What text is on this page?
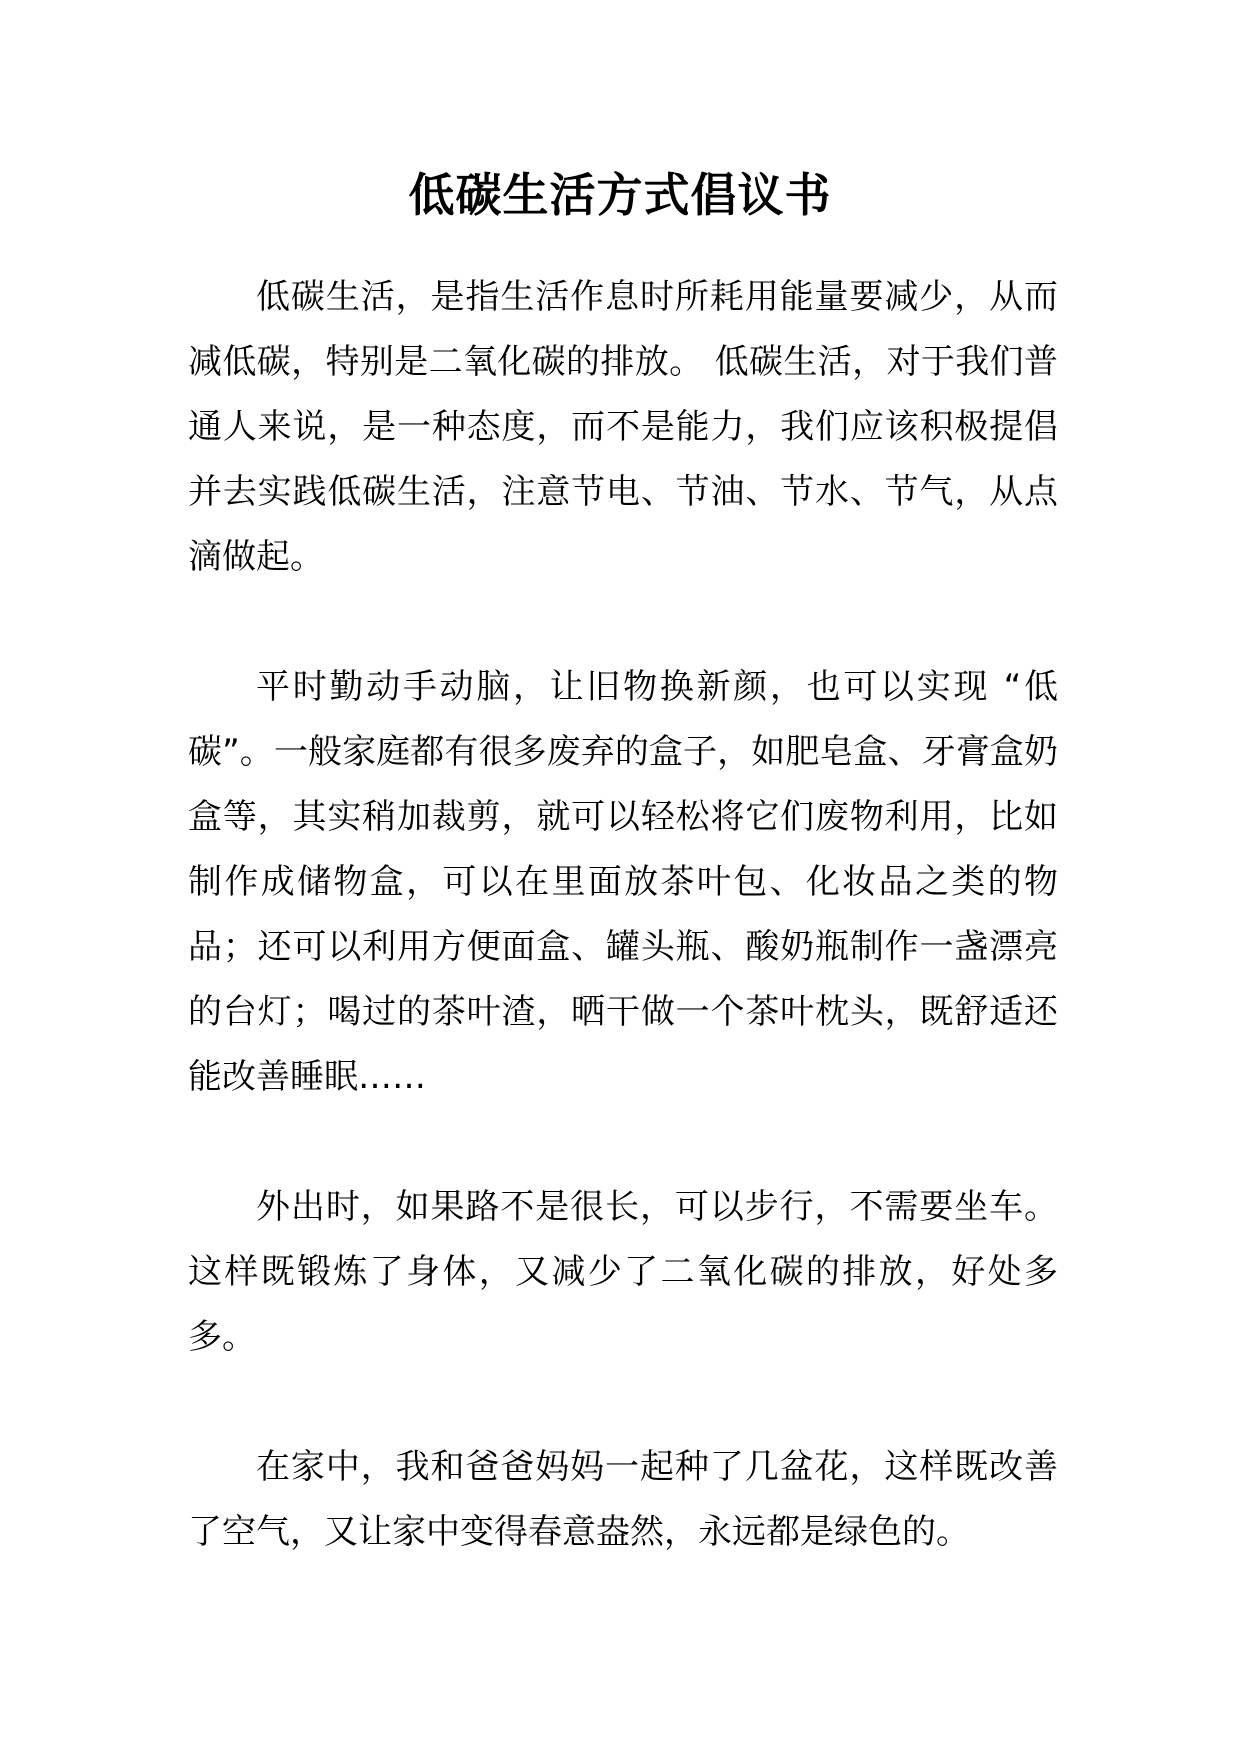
低碳生活方式倡议书

低碳生活，是指生活作息时所耗用能量要减少，从而减低碳，特别是二氧化碳的排放。 低碳生活，对于我们普通人来说，是一种态度，而不是能力，我们应该积极提倡并去实践低碳生活，注意节电、节油、节水、节气，从点滴做起。

平时勤动手动脑，让旧物换新颜，也可以实现 “低碳”。一般家庭都有很多废弃的盒子，如肥皂盒、牙膏盒奶盒等，其实稍加裁剪，就可以轻松将它们废物利用，比如制作成储物盒，可以在里面放茶叶包、化妆品之类的物品；还可以利用方便面盒、罐头瓶、酸奶瓶制作一盏漂亮的台灯；喝过的茶叶渣，晒干做一个茶叶枕头，既舒适还能改善睡眠……

外出时，如果路不是很长，可以步行，不需要坐车。这样既锻炼了身体，又减少了二氧化碳的排放，好处多多。

在家中，我和爸爸妈妈一起种了几盆花，这样既改善了空气，又让家中变得春意盎然，永远都是绿色的。
